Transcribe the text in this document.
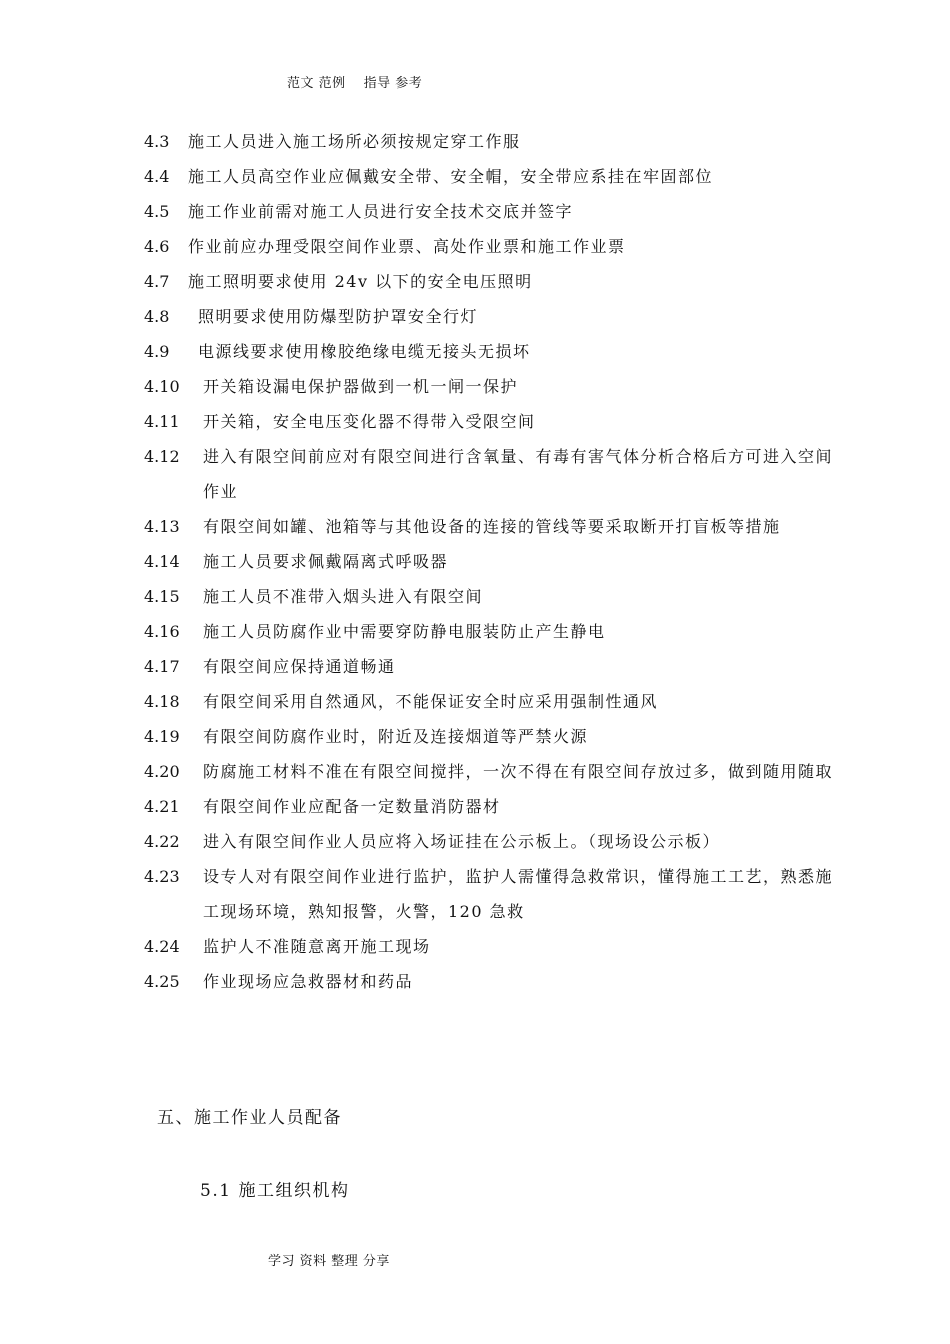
范文 范例 指导 参考
4.3	施工人员进入施工场所必须按规定穿工作服
4.4	施工人员高空作业应佩戴安全带、安全帽，安全带应系挂在牢固部位
4.5	施工作业前需对施工人员进行安全技术交底并签字
4.6	作业前应办理受限空间作业票、高处作业票和施工作业票
4.7	施工照明要求使用 24v 以下的安全电压照明
4.8	照明要求使用防爆型防护罩安全行灯
4.9	电源线要求使用橡胶绝缘电缆无接头无损坏
4.10	开关箱设漏电保护器做到一机一闸一保护
4.11	开关箱，安全电压变化器不得带入受限空间
4.12	进入有限空间前应对有限空间进行含氧量、有毒有害气体分析合格后方可进入空间作业
4.13	有限空间如罐、池箱等与其他设备的连接的管线等要采取断开打盲板等措施
4.14	施工人员要求佩戴隔离式呼吸器
4.15	施工人员不准带入烟头进入有限空间
4.16	施工人员防腐作业中需要穿防静电服装防止产生静电
4.17	有限空间应保持通道畅通
4.18	有限空间采用自然通风，不能保证安全时应采用强制性通风
4.19	有限空间防腐作业时，附近及连接烟道等严禁火源
4.20	防腐施工材料不准在有限空间搅拌，一次不得在有限空间存放过多，做到随用随取
4.21	有限空间作业应配备一定数量消防器材
4.22	进入有限空间作业人员应将入场证挂在公示板上。（现场设公示板）
4.23	设专人对有限空间作业进行监护，监护人需懂得急救常识，懂得施工工艺，熟悉施工现场环境，熟知报警，火警，120 急救
4.24	监护人不准随意离开施工现场
4.25	作业现场应急救器材和药品
五、施工作业人员配备
5.1 施工组织机构
学习 资料 整理 分享
